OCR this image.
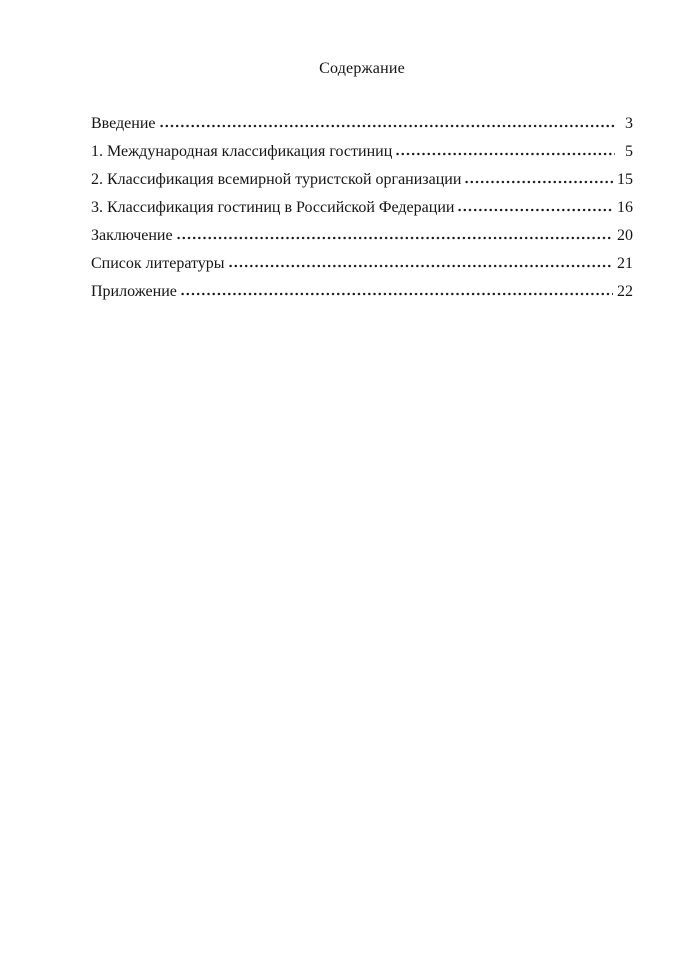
Содержание
Введение	3
1. Международная классификация гостиниц	5
2. Классификация всемирной туристской организации	15
3. Классификация гостиниц в Российской Федерации	16
Заключение	20
Список литературы	21
Приложение	22
